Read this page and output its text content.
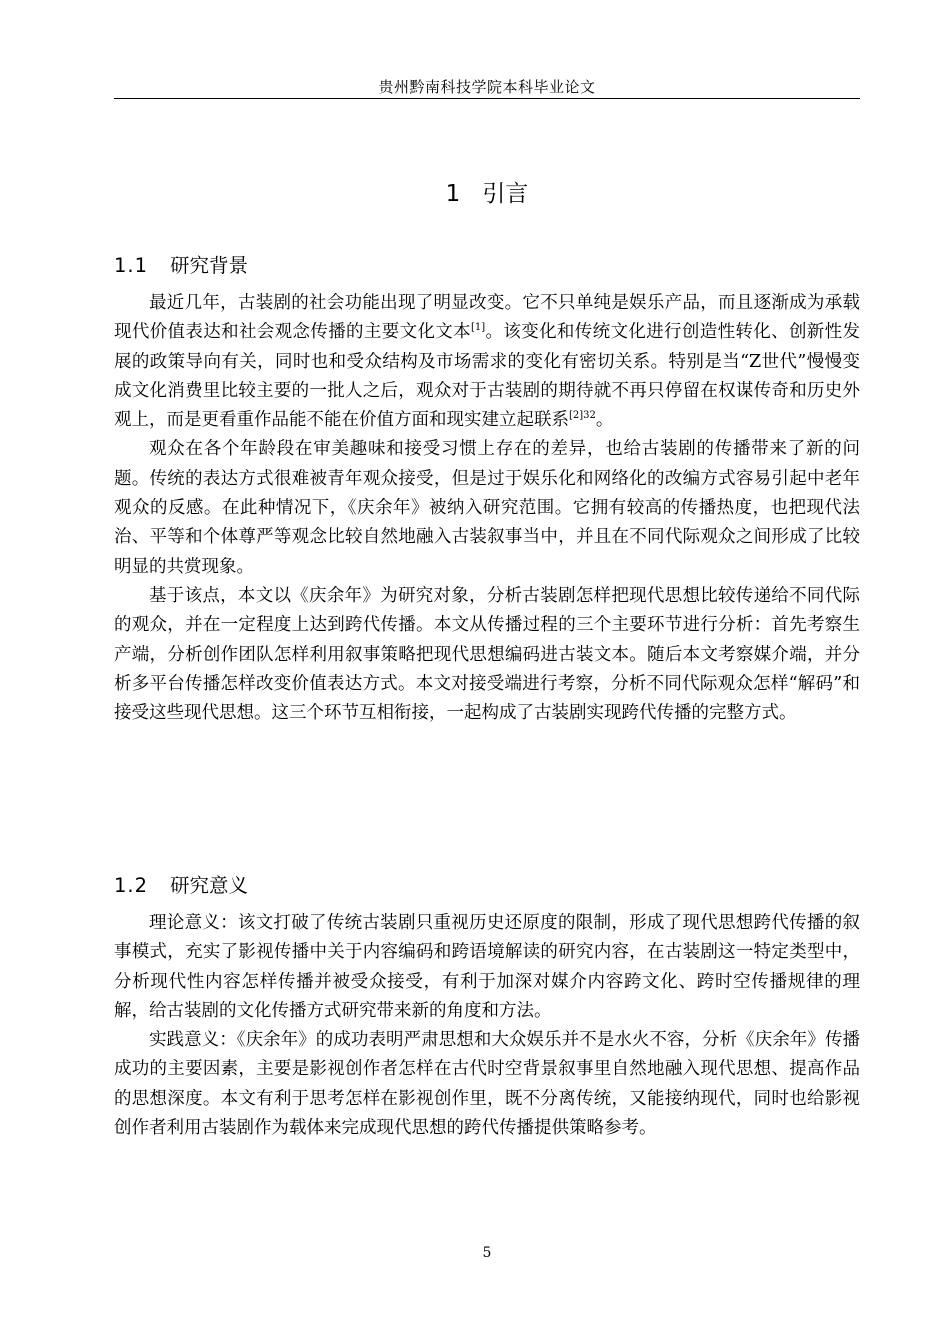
贵州黔南科技学院本科毕业论文
1 引言
1.1 研究背景

最近几年，古装剧的社会功能出现了明显改变。它不只单纯是娱乐产品，而且逐渐成为承载现代价值表达和社会观念传播的主要文化文本[1]。该变化和传统文化进行创造性转化、创新性发展的政策导向有关，同时也和受众结构及市场需求的变化有密切关系。特别是当“Z世代”慢慢变成文化消费里比较主要的一批人之后，观众对于古装剧的期待就不再只停留在权谋传奇和历史外观上，而是更看重作品能不能在价值方面和现实建立起联系$^{[2]32}$。

观众在各个年龄段在审美趣味和接受习惯上存在的差异，也给古装剧的传播带来了新的问题。传统的表达方式很难被青年观众接受，但是过于娱乐化和网络化的改编方式容易引起中老年观众的反感。在此种情况下，《庆余年》被纳入研究范围。它拥有较高的传播热度，也把现代法治、平等和个体尊严等观念比较自然地融入古装叙事当中，并且在不同代际观众之间形成了比较明显的共赏现象。

基于该点，本文以《庆余年》为研究对象，分析古装剧怎样把现代思想比较传递给不同代际的观众，并在一定程度上达到跨代传播。本文从传播过程的三个主要环节进行分析：首先考察生产端，分析创作团队怎样利用叙事策略把现代思想编码进古装文本。随后本文考察媒介端，并分析多平台传播怎样改变价值表达方式。本文对接受端进行考察，分析不同代际观众怎样“解码”和接受这些现代思想。这三个环节互相衔接，一起构成了古装剧实现跨代传播的完整方式。

1.2 研究意义

理论意义：该文打破了传统古装剧只重视历史还原度的限制，形成了现代思想跨代传播的叙事模式，充实了影视传播中关于内容编码和跨语境解读的研究内容，在古装剧这一特定类型中，分析现代性内容怎样传播并被受众接受，有利于加深对媒介内容跨文化、跨时空传播规律的理解，给古装剧的文化传播方式研究带来新的角度和方法。

实践意义：《庆余年》的成功表明严肃思想和大众娱乐并不是水火不容，分析《庆余年》传播成功的主要因素，主要是影视创作者怎样在古代时空背景叙事里自然地融入现代思想、提高作品的思想深度。本文有利于思考怎样在影视创作里，既不分离传统，又能接纳现代，同时也给影视创作者利用古装剧作为载体来完成现代思想的跨代传播提供策略参考。

5
